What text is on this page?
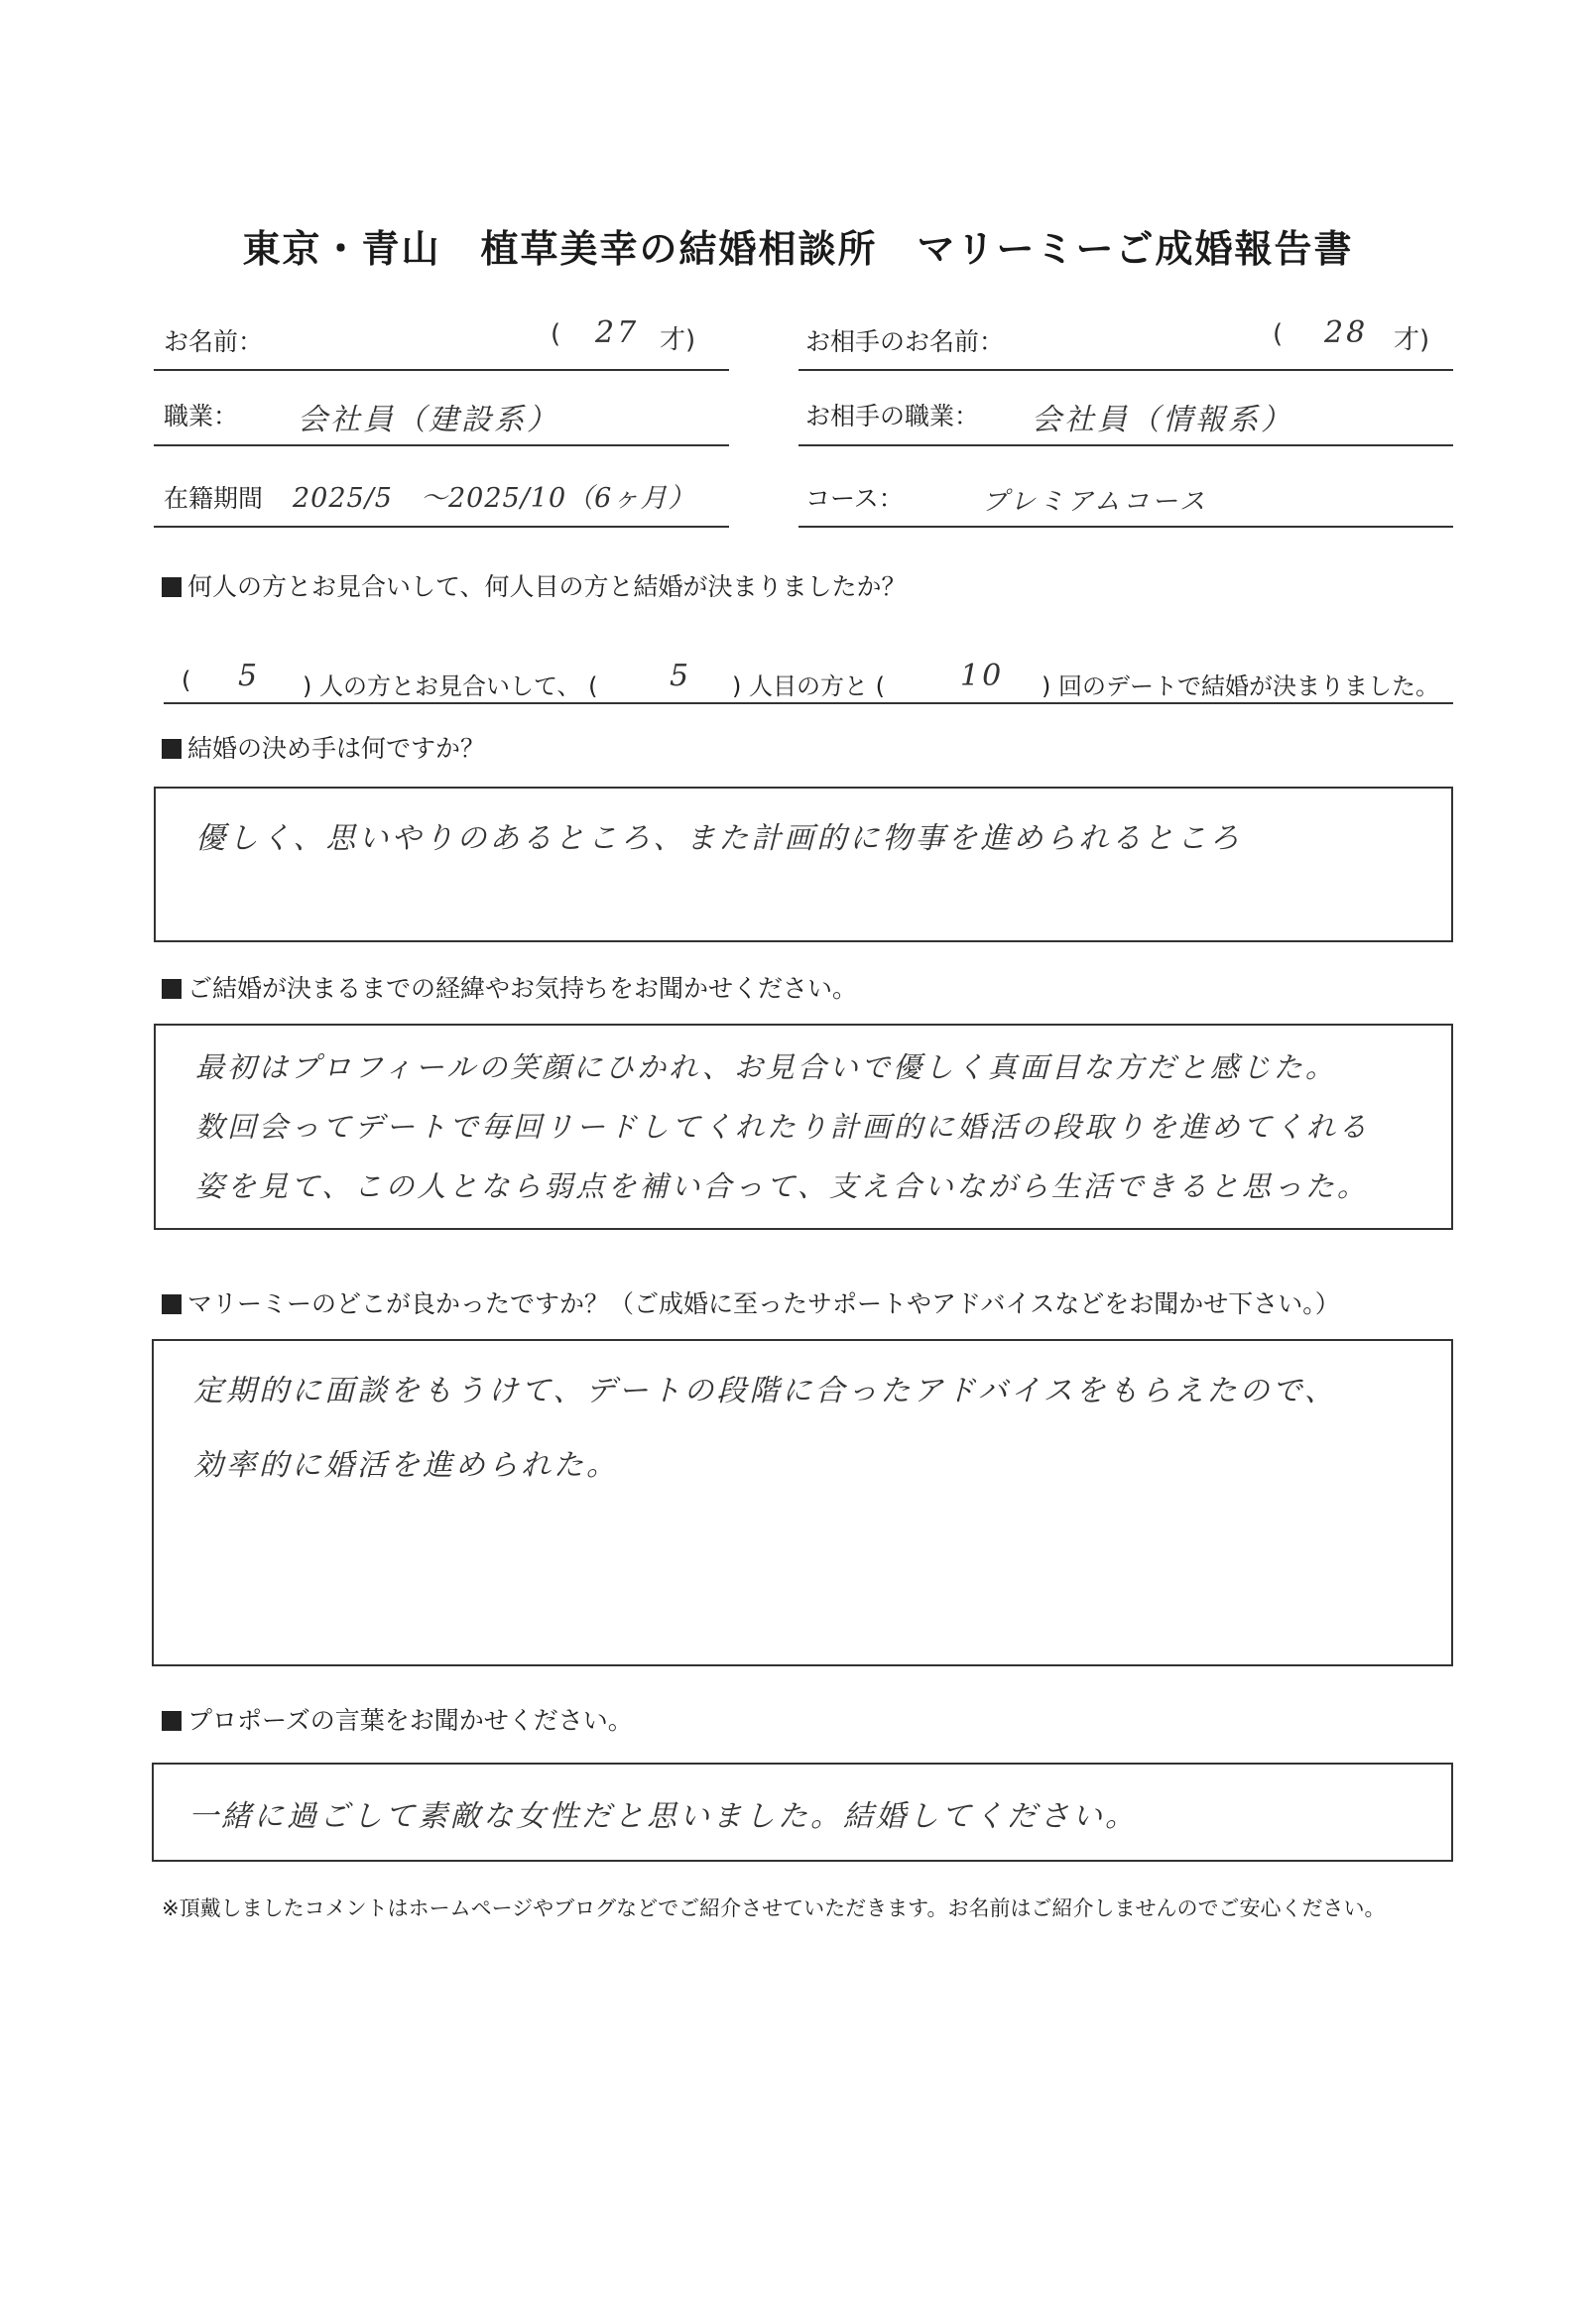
東京・青山　植草美幸の結婚相談所　マリーミーご成婚報告書
お名前：	( 27 才)
職業： 会社員（建設系）
在籍期間 2025/5　～2025/10（6ヶ月）
お相手のお名前：	( 28 才)
お相手の職業： 会社員（情報系）
コース：	プレミアムコース
何人の方とお見合いして、何人目の方と結婚が決まりましたか？
( 5 ) 人の方とお見合いして、 ( 5 ) 人目の方と (	10 ) 回のデートで結婚が決まりました。
結婚の決め手は何ですか？
優しく、思いやりのあるところ、また計画的に物事を進められるところ
ご結婚が決まるまでの経緯やお気持ちをお聞かせください。
最初はプロフィールの笑顔にひかれ、お見合いで優しく真面目な方だと感じた。
数回会ってデートで毎回リードしてくれたり計画的に婚活の段取りを進めてくれる
姿を見て、この人となら弱点を補い合って、支え合いながら生活できると思った。
マリーミーのどこが良かったですか？（ご成婚に至ったサポートやアドバイスなどをお聞かせ下さい。）
定期的に面談をもうけて、デートの段階に合ったアドバイスをもらえたので、
効率的に婚活を進められた。
プロポーズの言葉をお聞かせください。
一緒に過ごして素敵な女性だと思いました。結婚してください。
※頂戴しましたコメントはホームページやブログなどでご紹介させていただきます。お名前はご紹介しませんのでご安心ください。
